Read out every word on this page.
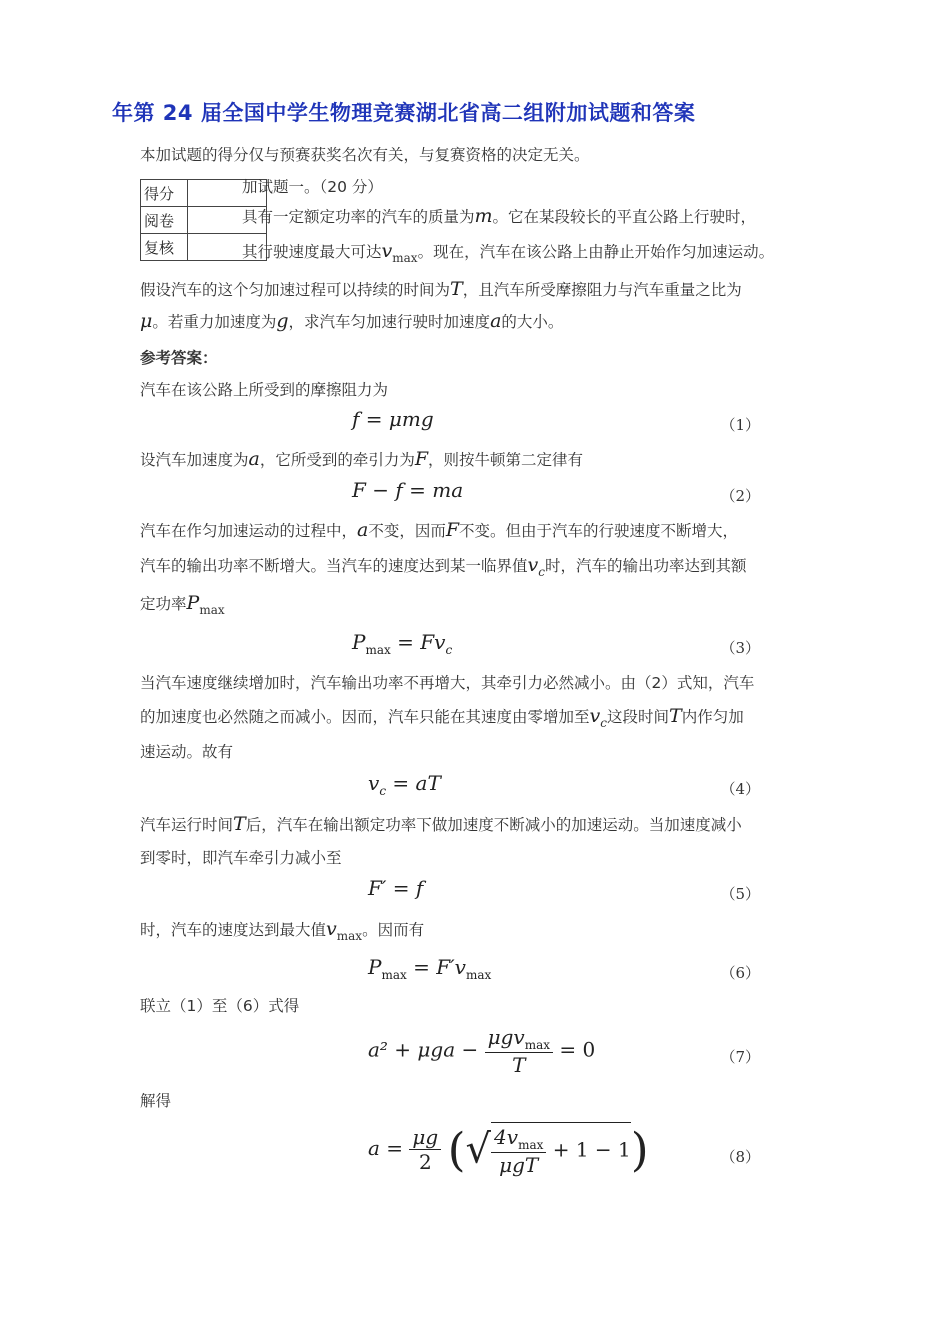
年第 24 届全国中学生物理竞赛湖北省高二组附加试题和答案
本加试题的得分仅与预赛获奖名次有关，与复赛资格的决定无关。
得分	
阅卷	
复核	
加试题一。（20 分）
具有一定额定功率的汽车的质量为m。它在某段较长的平直公路上行驶时，
其行驶速度最大可达$v_{max}$。现在，汽车在该公路上由静止开始作匀加速运动。
假设汽车的这个匀加速过程可以持续的时间为T，且汽车所受摩擦阻力与汽车重量之比为
μ。若重力加速度为g，求汽车匀加速行驶时加速度a的大小。
参考答案：
汽车在该公路上所受到的摩擦阻力为
f = μmg	（1）
设汽车加速度为a，它所受到的牵引力为F，则按牛顿第二定律有
F − f = ma	（2）
汽车在作匀加速运动的过程中，a不变，因而F不变。但由于汽车的行驶速度不断增大，
汽车的输出功率不断增大。当汽车的速度达到某一临界值$v_c$时，汽车的输出功率达到其额
定功率$P_{max}$
$P_{max} = Fv_c$	（3）
当汽车速度继续增加时，汽车输出功率不再增大，其牵引力必然减小。由（2）式知，汽车
的加速度也必然随之而减小。因而，汽车只能在其速度由零增加至$v_c$这段时间T内作匀加
速运动。故有
$v_c$ = aT	（4）
汽车运行时间T后，汽车在输出额定功率下做加速度不断减小的加速运动。当加速度减小
到零时，即汽车牵引力减小至
F′ = f	（5）
时，汽车的速度达到最大值$v_{max}$。因而有
$P_{max} = F'v_{max}$	（6）
联立（1）至（6）式得
$a^2 + \mu ga - \frac{\mu gv_{max}}{T} = 0$	（7）
解得
$a = \frac{\mu g}{2}$ (√ $\frac{4v_{max}}{\text{μgT}} + 1 - 1$)	（8）
